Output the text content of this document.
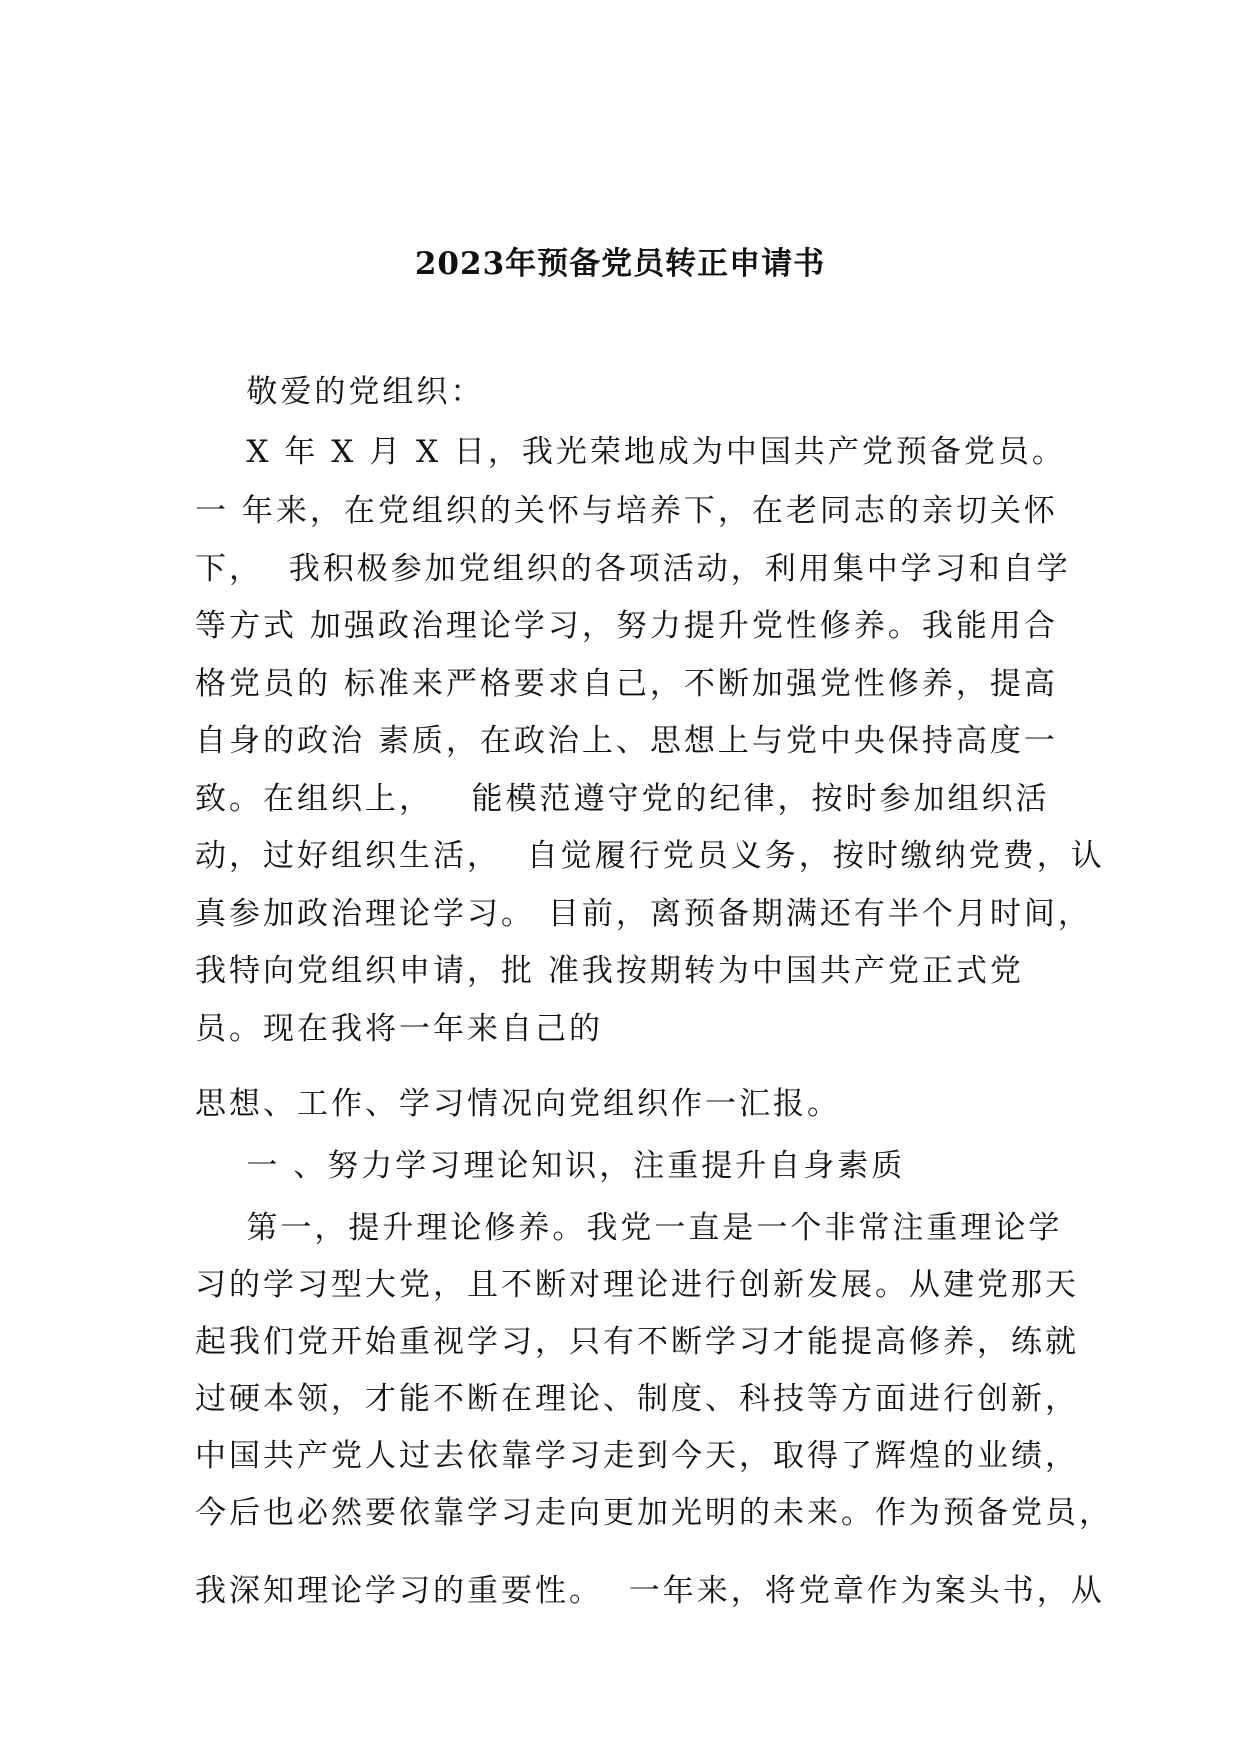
2023年预备党员转正申请书
敬爱的党组织：
X 年 X 月 X 日，我光荣地成为中国共产党预备党员。
一 年来，在党组织的关怀与培养下，在老同志的亲切关怀
下，  我积极参加党组织的各项活动，利用集中学习和自学
等方式 加强政治理论学习，努力提升党性修养。我能用合
格党员的 标准来严格要求自己，不断加强党性修养，提高
自身的政治 素质，在政治上、思想上与党中央保持高度一
致。在组织上，   能模范遵守党的纪律，按时参加组织活
动，过好组织生活，  自觉履行党员义务，按时缴纳党费，认
真参加政治理论学习。 目前，离预备期满还有半个月时间，
我特向党组织申请，批 准我按期转为中国共产党正式党
员。现在我将一年来自己的
思想、工作、学习情况向党组织作一汇报。
一 、努力学习理论知识，注重提升自身素质
第一，提升理论修养。我党一直是一个非常注重理论学
习的学习型大党，且不断对理论进行创新发展。从建党那天
起我们党开始重视学习，只有不断学习才能提高修养，练就
过硬本领，才能不断在理论、制度、科技等方面进行创新，
中国共产党人过去依靠学习走到今天，取得了辉煌的业绩，
今后也必然要依靠学习走向更加光明的未来。作为预备党员，
我深知理论学习的重要性。  一年来，将党章作为案头书，从
